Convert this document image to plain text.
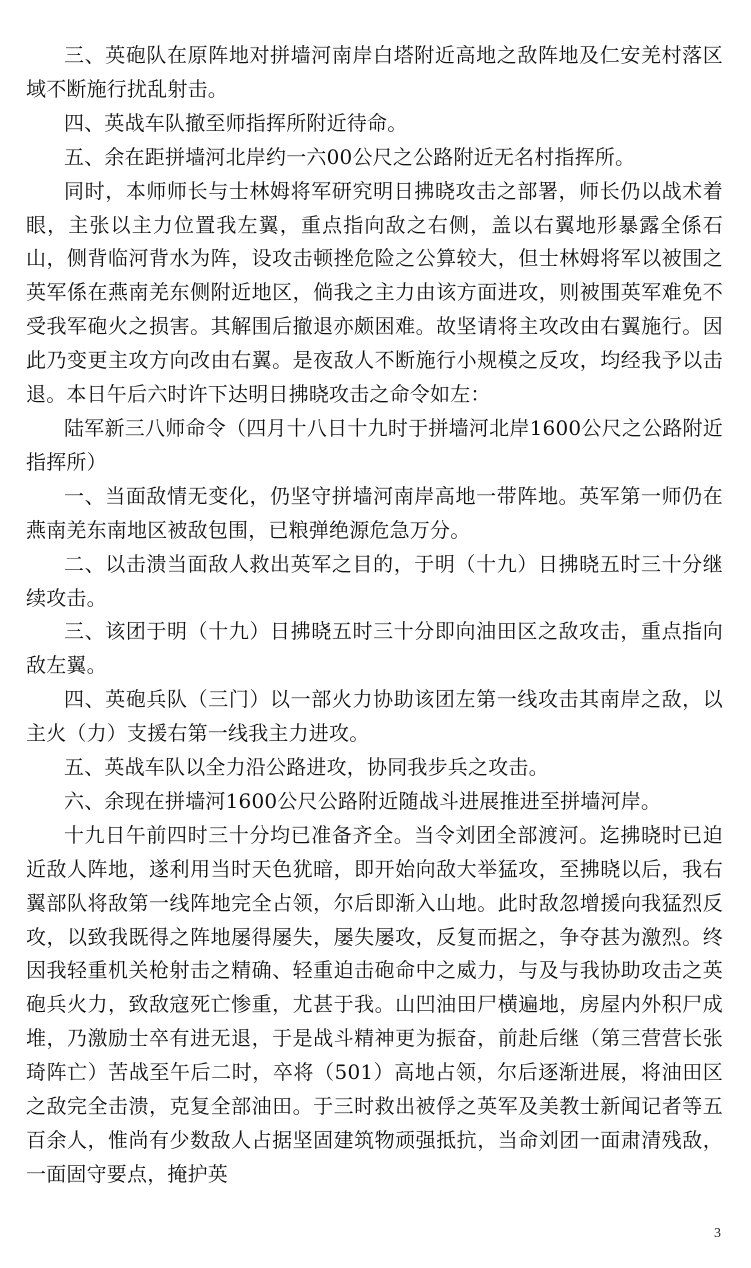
三、英砲队在原阵地对拼墙河南岸白塔附近高地之敌阵地及仁安羌村落区域不断施行扰乱射击。

四、英战车队撤至师指挥所附近待命。

五、余在距拼墙河北岸约一六00公尺之公路附近无名村指挥所。

同时，本师师长与士林姆将军研究明日拂晓攻击之部署，师长仍以战术着眼，主张以主力位置我左翼，重点指向敌之右侧，盖以右翼地形暴露全係石山，侧背临河背水为阵，设攻击顿挫危险之公算较大，但士林姆将军以被围之英军係在燕南羌东侧附近地区，倘我之主力由该方面进攻，则被围英军难免不受我军砲火之损害。其解围后撤退亦颇困难。故坚请将主攻改由右翼施行。因此乃变更主攻方向改由右翼。是夜敌人不断施行小规模之反攻，均经我予以击退。本日午后六时许下达明日拂晓攻击之命令如左：

陆军新三八师命令（四月十八日十九时于拼墙河北岸1600公尺之公路附近指挥所）

一、当面敌情无变化，仍坚守拼墙河南岸高地一带阵地。英军第一师仍在燕南羌东南地区被敌包围，已粮弹绝源危急万分。

二、以击溃当面敌人救出英军之目的，于明（十九）日拂晓五时三十分继续攻击。

三、该团于明（十九）日拂晓五时三十分即向油田区之敌攻击，重点指向敌左翼。

四、英砲兵队（三门）以一部火力协助该团左第一线攻击其南岸之敌，以主火（力）支援右第一线我主力进攻。

五、英战车队以全力沿公路进攻，协同我步兵之攻击。

六、余现在拼墙河1600公尺公路附近随战斗进展推进至拼墙河岸。

十九日午前四时三十分均已准备齐全。当令刘团全部渡河。迄拂晓时已迫近敌人阵地，遂利用当时天色犹暗，即开始向敌大举猛攻，至拂晓以后，我右翼部队将敌第一线阵地完全占领，尔后即渐入山地。此时敌忽增援向我猛烈反攻，以致我既得之阵地屡得屡失，屡失屡攻，反复而据之，争夺甚为激烈。终因我轻重机关枪射击之精确、轻重迫击砲命中之威力，与及与我协助攻击之英砲兵火力，致敌寇死亡惨重，尤甚于我。山凹油田尸横遍地，房屋内外积尸成堆，乃激励士卒有进无退，于是战斗精神更为振奋，前赴后继（第三营营长张琦阵亡）苦战至午后二时，卒将（501）高地占领，尔后逐渐进展，将油田区之敌完全击溃，克复全部油田。于三时救出被俘之英军及美教士新闻记者等五百余人，惟尚有少数敌人占据坚固建筑物顽强抵抗，当命刘团一面肃清残敌，一面固守要点，掩护英

3
